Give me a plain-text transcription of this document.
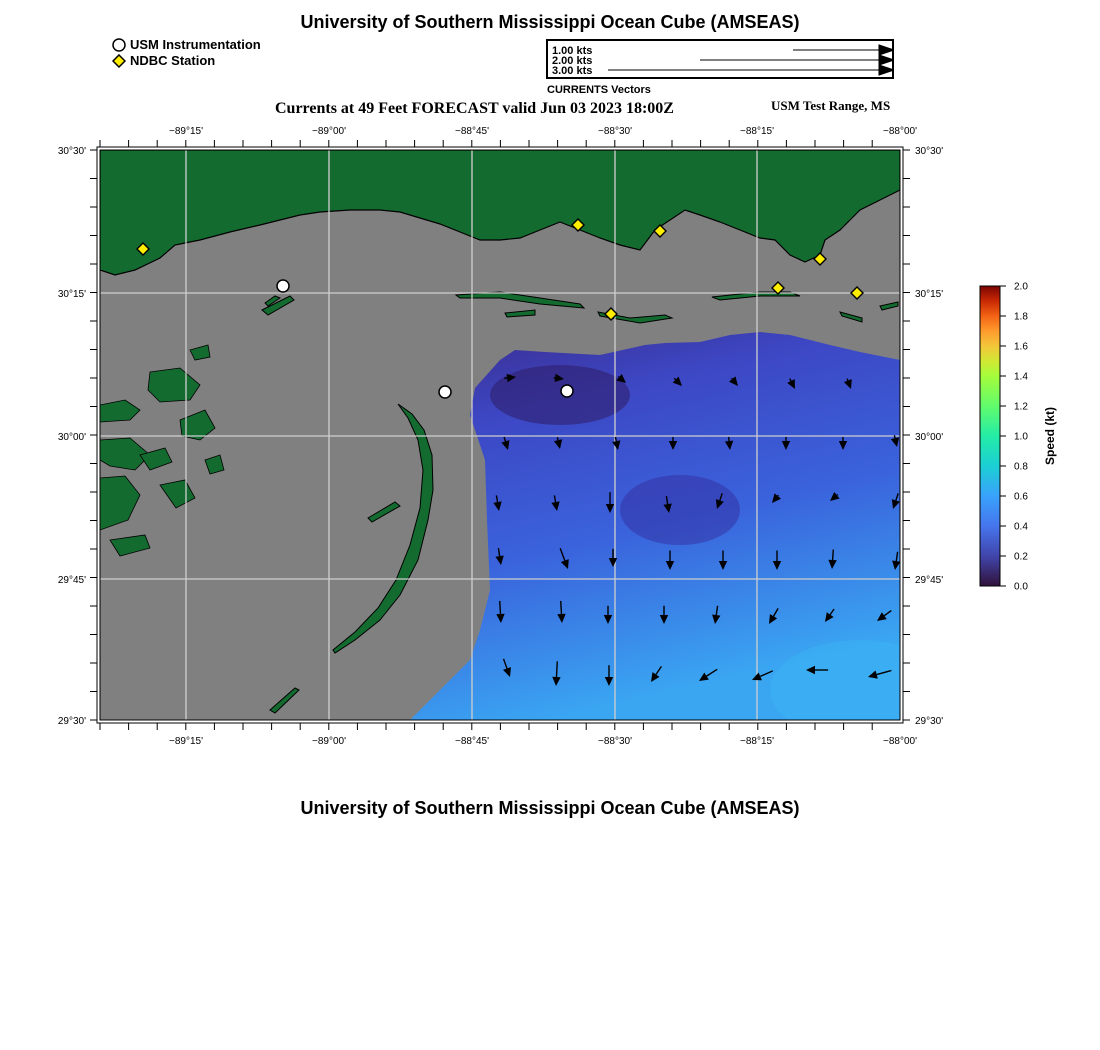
University of Southern Mississippi Ocean Cube (AMSEAS)
USM Instrumentation
NDBC Station
1.00 kts
2.00 kts
3.00 kts
CURRENTS Vectors
Currents at 49 Feet FORECAST valid Jun 03 2023 18:00Z	USM Test Range, MS
−89°15'	−89°00'	−88°45'	−88°30'	−88°15'	−88°00'
−89°15'	−89°00'	−88°45'	−88°30'	−88°15'	−88°00'
30°30'
30°15'
30°00'
29°45'
29°30'
30°30'
30°15'
30°00'
29°45'
29°30'
2.0
1.8
1.6
1.4
1.2
1.0
0.8
0.6
0.4
0.2
0.0
Speed (kt)
University of Southern Mississippi Ocean Cube (AMSEAS)
